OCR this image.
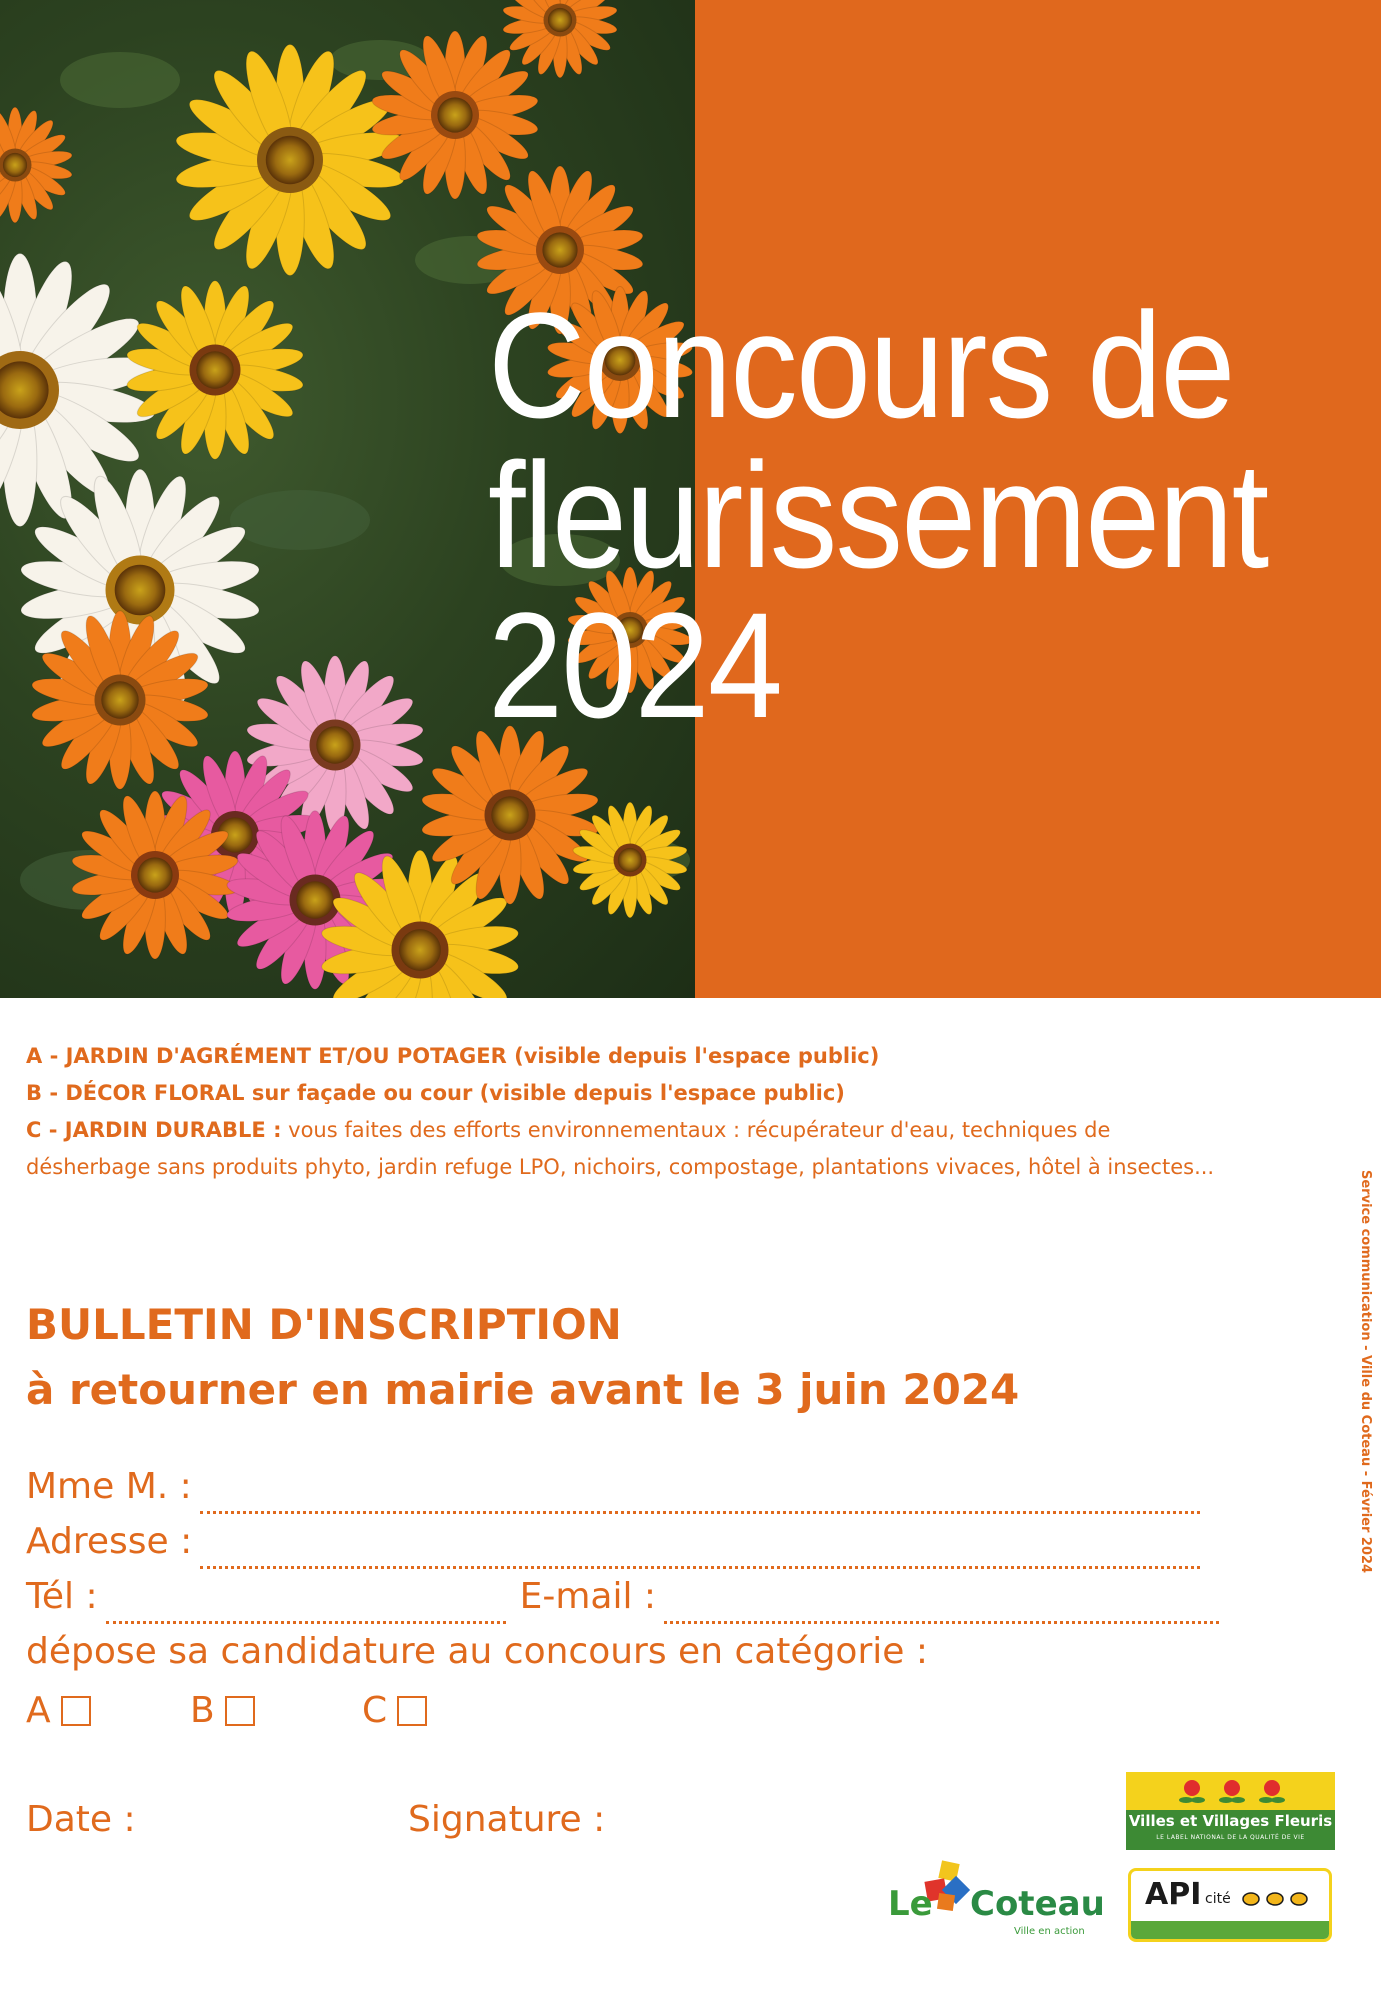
Concours de
fleurissement
2024
A - JARDIN D'AGRÉMENT ET/OU POTAGER (visible depuis l'espace public)
B - DÉCOR FLORAL sur façade ou cour (visible depuis l'espace public)
C - JARDIN DURABLE : vous faites des efforts environnementaux : récupérateur d'eau, techniques de désherbage sans produits phyto, jardin refuge LPO, nichoirs, compostage, plantations vivaces, hôtel à insectes...
BULLETIN D'INSCRIPTION
à retourner en mairie avant le 3 juin 2024
Mme M. :
Adresse :
Tél :	E-mail :
dépose sa candidature au concours en catégorie :
A	B	C
Date :	Signature :
Service communication - Ville du Coteau - Février 2024
Villes et Villages Fleuris
LE LABEL NATIONAL DE LA QUALITÉ DE VIE
API cité
Le Coteau
Ville en action
